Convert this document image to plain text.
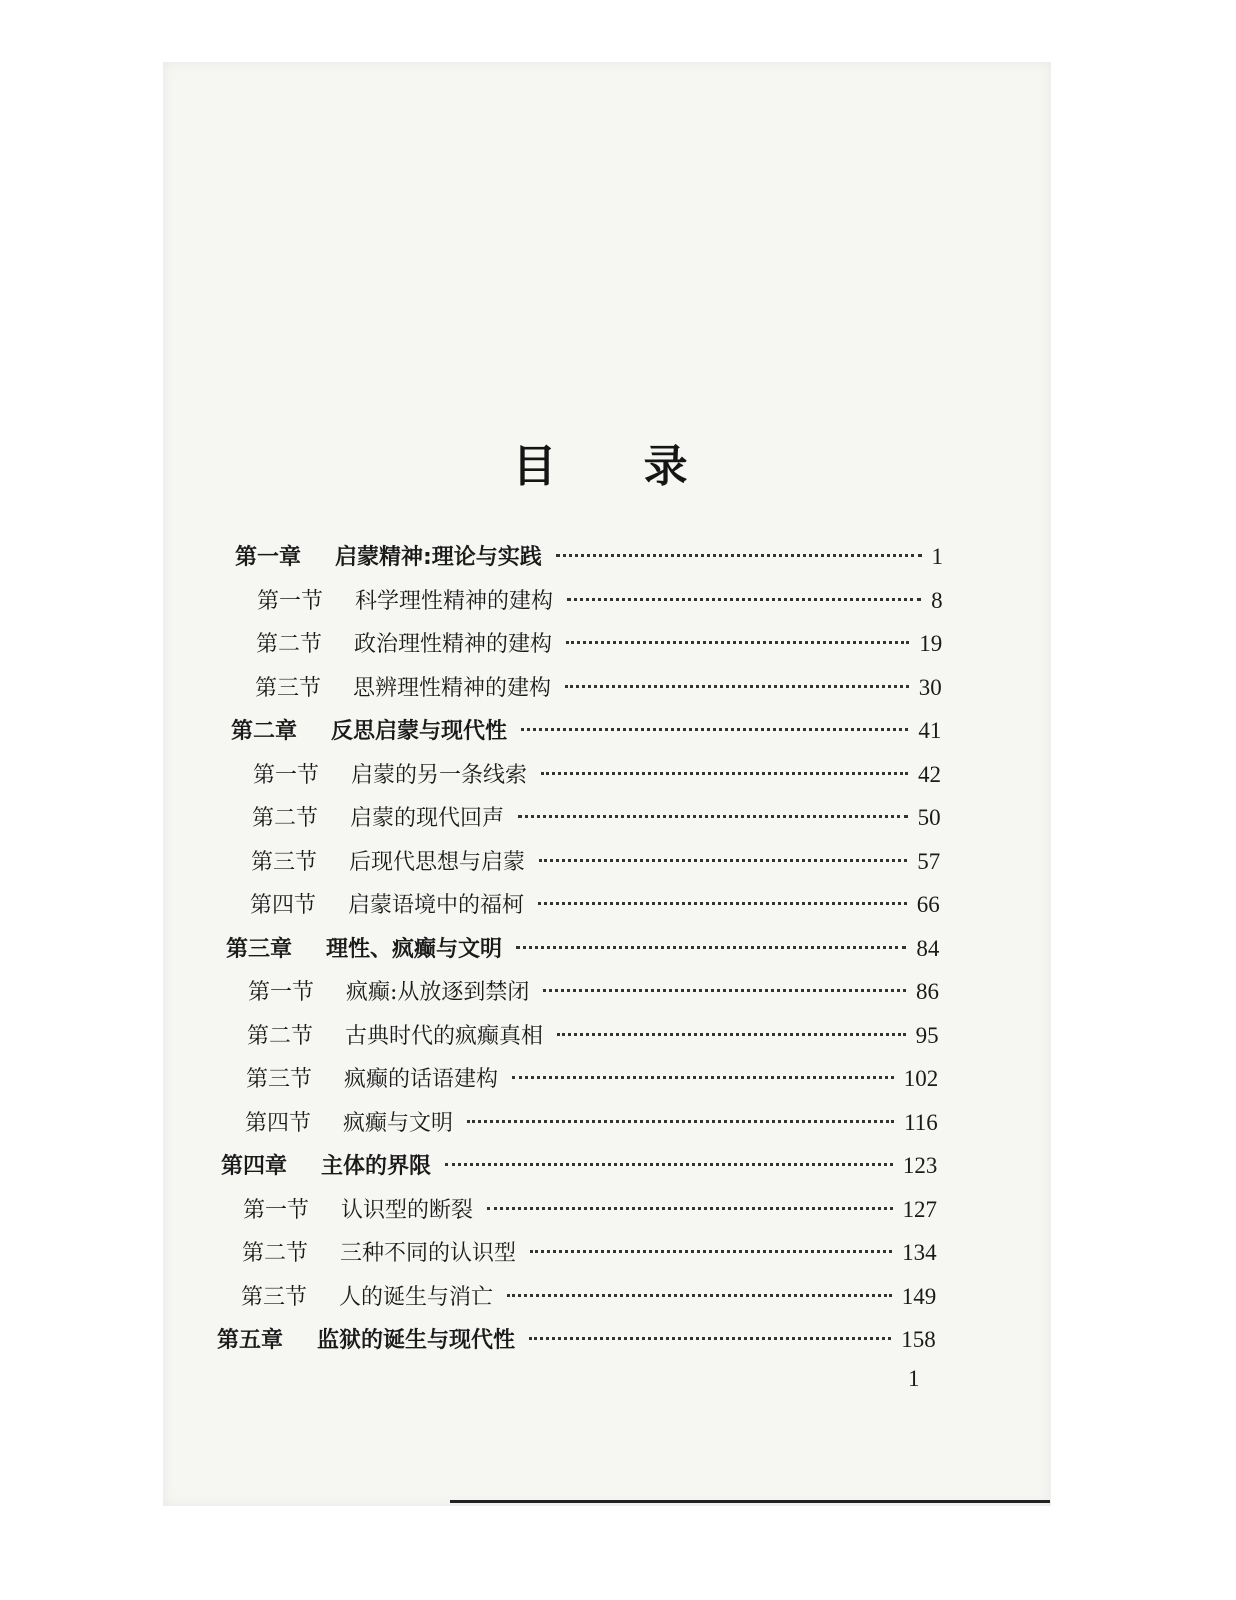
目 录
第一章	启蒙精神:理论与实践	1
第一节	科学理性精神的建构	8
第二节	政治理性精神的建构	19
第三节	思辨理性精神的建构	30
第二章	反思启蒙与现代性	41
第一节	启蒙的另一条线索	42
第二节	启蒙的现代回声	50
第三节	后现代思想与启蒙	57
第四节	启蒙语境中的福柯	66
第三章	理性、疯癫与文明	84
第一节	疯癫:从放逐到禁闭	86
第二节	古典时代的疯癫真相	95
第三节	疯癫的话语建构	102
第四节	疯癫与文明	116
第四章	主体的界限	123
第一节	认识型的断裂	127
第二节	三种不同的认识型	134
第三节	人的诞生与消亡	149
第五章	监狱的诞生与现代性	158
1
